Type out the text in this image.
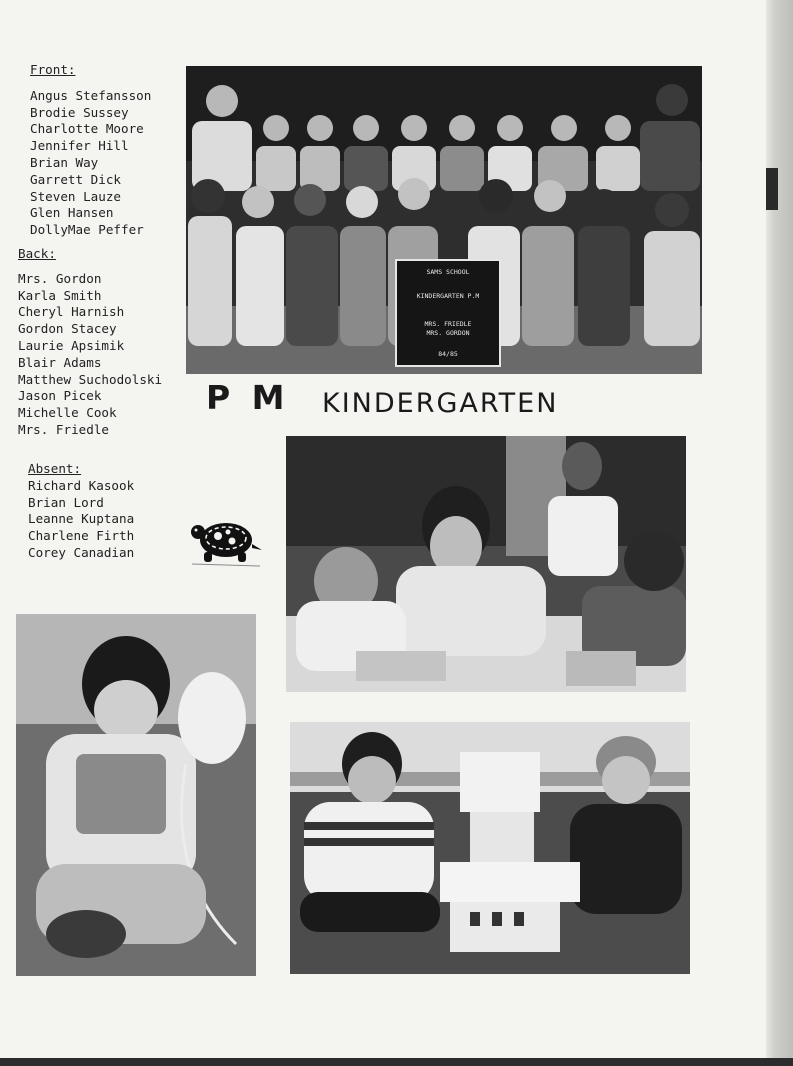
Front:
Angus Stefansson
Brodie Sussey
Charlotte Moore
Jennifer Hill
Brian Way
Garrett Dick
Steven Lauze
Glen Hansen
DollyMae Peffer
Back:
Mrs. Gordon
Karla Smith
Cheryl Harnish
Gordon Stacey
Laurie Apsimik
Blair Adams
Matthew Suchodolski
Jason Picek
Michelle Cook
Mrs. Friedle
Absent:
Richard Kasook
Brian Lord
Leanne Kuptana
Charlene Firth
Corey Canadian
SAMS SCHOOL
KINDERGARTEN P.M
MRS. FRIEDLE
MRS. GORDON
84/85
P M KINDERGARTEN
